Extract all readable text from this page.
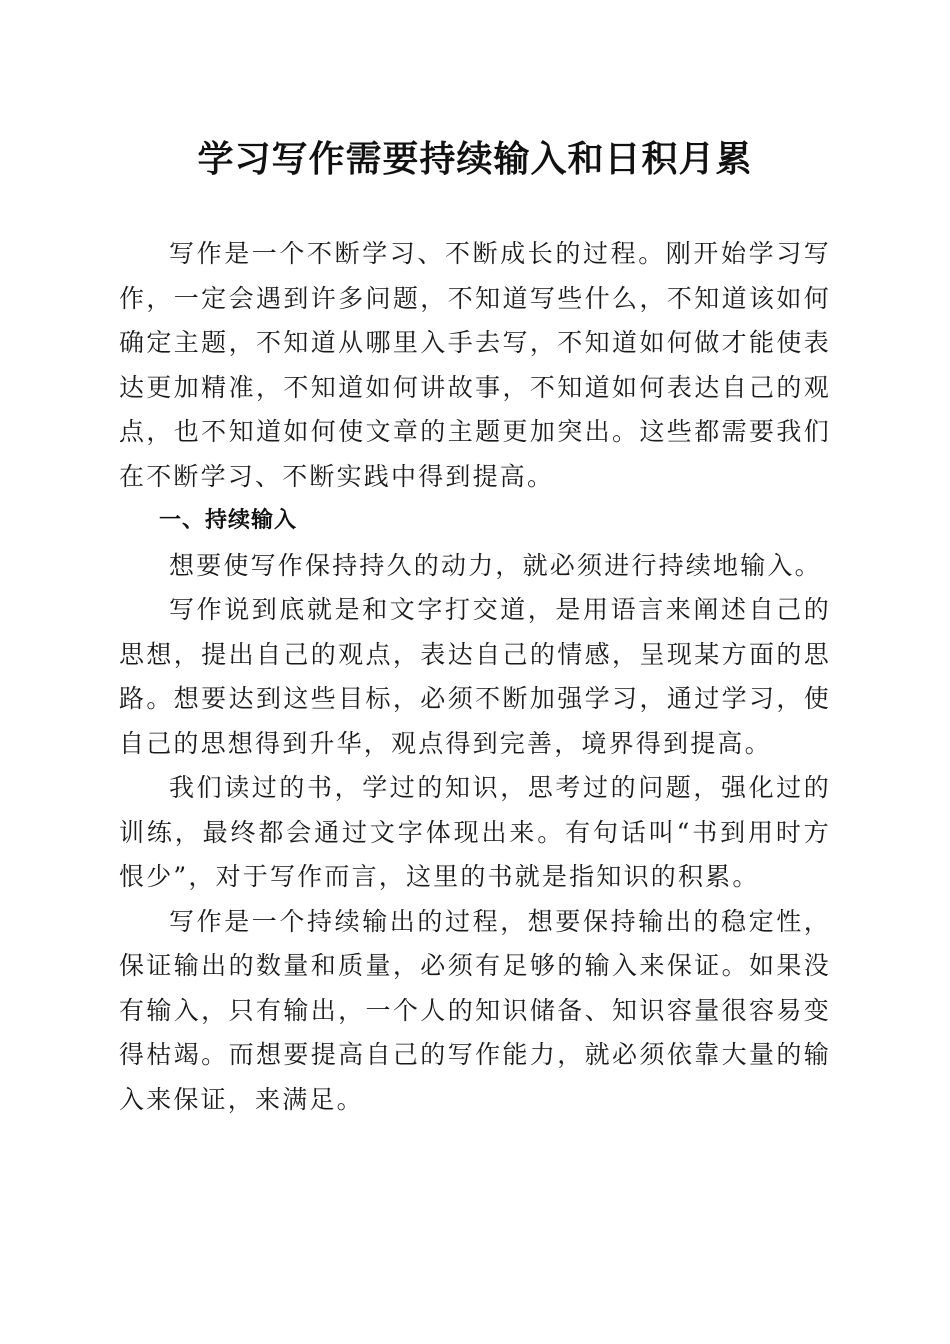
学习写作需要持续输入和日积月累

写作是一个不断学习、不断成长的过程。刚开始学习写作，一定会遇到许多问题，不知道写些什么，不知道该如何确定主题，不知道从哪里入手去写，不知道如何做才能使表达更加精准，不知道如何讲故事，不知道如何表达自己的观点，也不知道如何使文章的主题更加突出。这些都需要我们在不断学习、不断实践中得到提高。

一、持续输入

想要使写作保持持久的动力，就必须进行持续地输入。

写作说到底就是和文字打交道，是用语言来阐述自己的思想，提出自己的观点，表达自己的情感，呈现某方面的思路。想要达到这些目标，必须不断加强学习，通过学习，使自己的思想得到升华，观点得到完善，境界得到提高。

我们读过的书，学过的知识，思考过的问题，强化过的训练，最终都会通过文字体现出来。有句话叫“书到用时方恨少”，对于写作而言，这里的书就是指知识的积累。

写作是一个持续输出的过程，想要保持输出的稳定性，保证输出的数量和质量，必须有足够的输入来保证。如果没有输入，只有输出，一个人的知识储备、知识容量很容易变得枯竭。而想要提高自己的写作能力，就必须依靠大量的输入来保证，来满足。
